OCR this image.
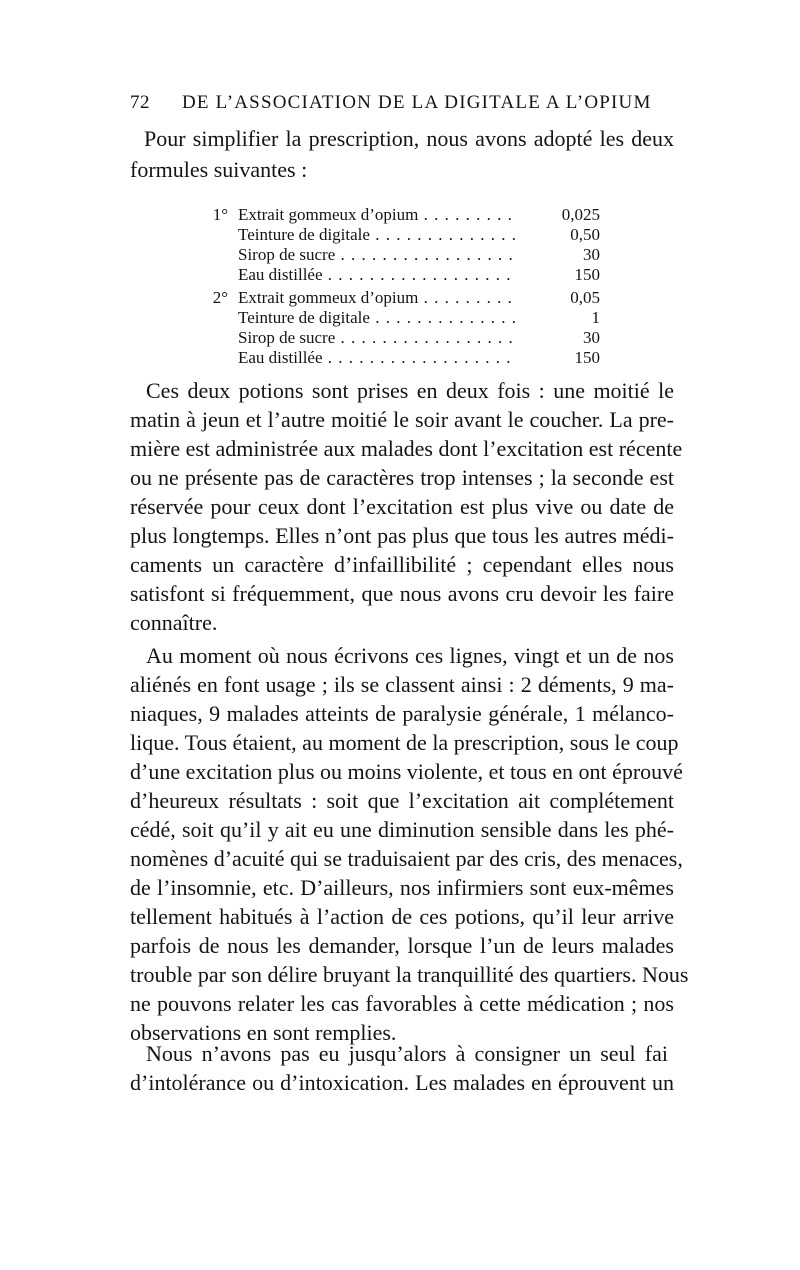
72 DE L’ASSOCIATION DE LA DIGITALE A L’OPIUM
Pour simplifier la prescription, nous avons adopté les deux
formules suivantes :
1° Extrait gommeux d’opium . . .	0,025
Teinture de digitale . . .	0,50
Sirop de sucre . . .	30
Eau distillée . . .	150
2° Extrait gommeux d’opium . . .	0,05
Teinture de digitale . . .	1
Sirop de sucre . . .	30
Eau distillée . . .	150
Ces deux potions sont prises en deux fois : une moitié le
matin à jeun et l’autre moitié le soir avant le coucher. La pre-
mière est administrée aux malades dont l’excitation est récente
ou ne présente pas de caractères trop intenses ; la seconde est
réservée pour ceux dont l’excitation est plus vive ou date de
plus longtemps. Elles n’ont pas plus que tous les autres médi-
caments un caractère d’infaillibilité ; cependant elles nous
satisfont si fréquemment, que nous avons cru devoir les faire
connaître.
Au moment où nous écrivons ces lignes, vingt et un de nos
aliénés en font usage ; ils se classent ainsi : 2 déments, 9 ma-
niaques, 9 malades atteints de paralysie générale, 1 mélanco-
lique. Tous étaient, au moment de la prescription, sous le coup
d’une excitation plus ou moins violente, et tous en ont éprouvé
d’heureux résultats : soit que l’excitation ait complétement
cédé, soit qu’il y ait eu une diminution sensible dans les phé-
nomènes d’acuité qui se traduisaient par des cris, des menaces,
de l’insomnie, etc. D’ailleurs, nos infirmiers sont eux-mêmes
tellement habitués à l’action de ces potions, qu’il leur arrive
parfois de nous les demander, lorsque l’un de leurs malades
trouble par son délire bruyant la tranquillité des quartiers. Nous
ne pouvons relater les cas favorables à cette médication ; nos
observations en sont remplies.
Nous n’avons pas eu jusqu’alors à consigner un seul fai
d’intolérance ou d’intoxication. Les malades en éprouvent un
